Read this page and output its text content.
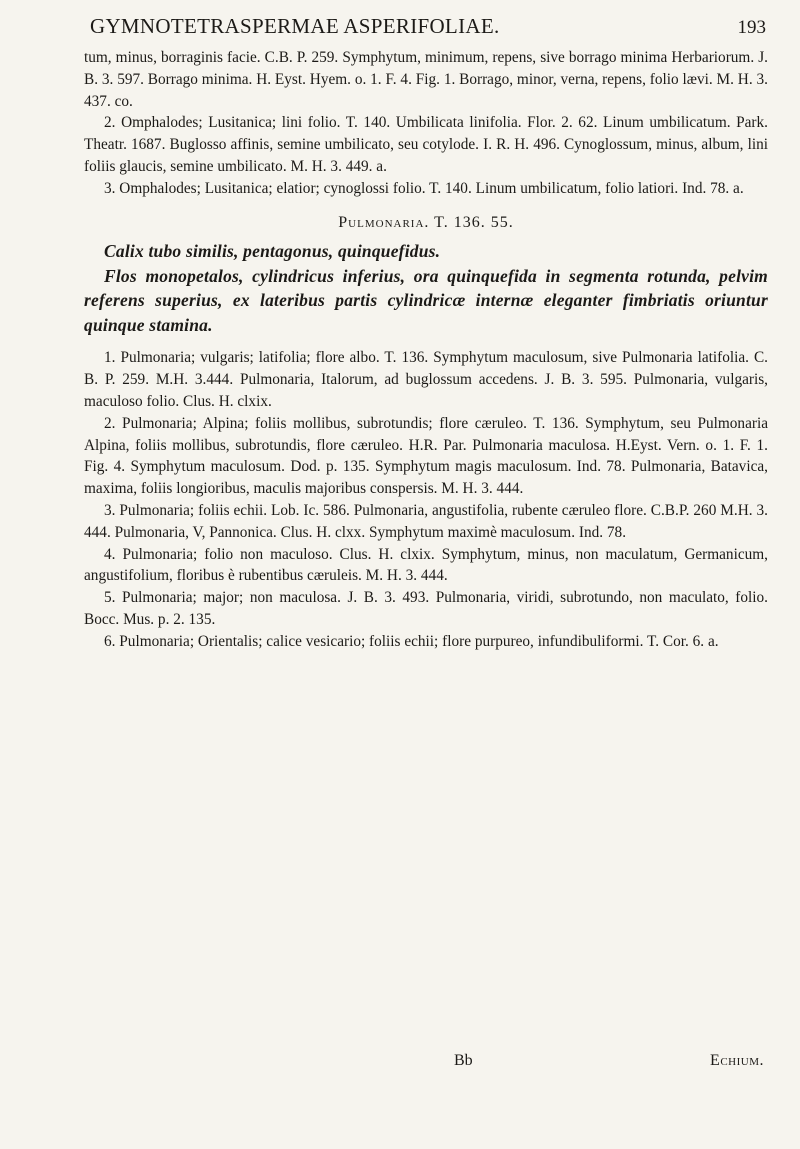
GYMNOTETRASPERMAE ASPERIFOLIAE.	193

tum, minus, borraginis facie. C.B. P. 259. Symphytum, minimum, repens, sive borrago minima Herbariorum. J. B. 3. 597. Borrago minima. H. Eyst. Hyem. o. 1. F. 4. Fig. 1. Borrago, minor, verna, repens, folio lævi. M. H. 3. 437. co.

2. Omphalodes; Lusitanica; lini folio. T. 140. Umbilicata linifolia. Flor. 2. 62. Linum umbilicatum. Park. Theatr. 1687. Buglosso affinis, semine umbilicato, seu cotylode. I. R. H. 496. Cynoglossum, minus, album, lini foliis glaucis, semine umbilicato. M. H. 3. 449. a.

3. Omphalodes; Lusitanica; elatior; cynoglossi folio. T. 140. Linum umbilicatum, folio latiori. Ind. 78. a.

Pulmonaria. T. 136. 55.

Calix tubo similis, pentagonus, quinquefidus.

Flos monopetalos, cylindricus inferius, ora quinquefida in segmenta rotunda, pelvim referens superius, ex lateribus partis cylindricæ internæ eleganter fimbriatis oriuntur quinque stamina.

1. Pulmonaria; vulgaris; latifolia; flore albo. T. 136. Symphytum maculosum, sive Pulmonaria latifolia. C. B. P. 259. M.H. 3.444. Pulmonaria, Italorum, ad buglossum accedens. J. B. 3. 595. Pulmonaria, vulgaris, maculoso folio. Clus. H. clxix.

2. Pulmonaria; Alpina; foliis mollibus, subrotundis; flore cæruleo. T. 136. Symphytum, seu Pulmonaria Alpina, foliis mollibus, subrotundis, flore cæruleo. H.R. Par. Pulmonaria maculosa. H.Eyst. Vern. o. 1. F. 1. Fig. 4. Symphytum maculosum. Dod. p. 135. Symphytum magis maculosum. Ind. 78. Pulmonaria, Batavica, maxima, foliis longioribus, maculis majoribus conspersis. M. H. 3. 444.

3. Pulmonaria; foliis echii. Lob. Ic. 586. Pulmonaria, angustifolia, rubente cæruleo flore. C.B.P. 260 M.H. 3. 444. Pulmonaria, V, Pannonica. Clus. H. clxx. Symphytum maximè maculosum. Ind. 78.

4. Pulmonaria; folio non maculoso. Clus. H. clxix. Symphytum, minus, non maculatum, Germanicum, angustifolium, floribus è rubentibus cæruleis. M. H. 3. 444.

5. Pulmonaria; major; non maculosa. J. B. 3. 493. Pulmonaria, viridi, subrotundo, non maculato, folio. Bocc. Mus. p. 2. 135.

6. Pulmonaria; Orientalis; calice vesicario; foliis echii; flore purpureo, infundibuliformi. T. Cor. 6. a.

Bb	Echium.
